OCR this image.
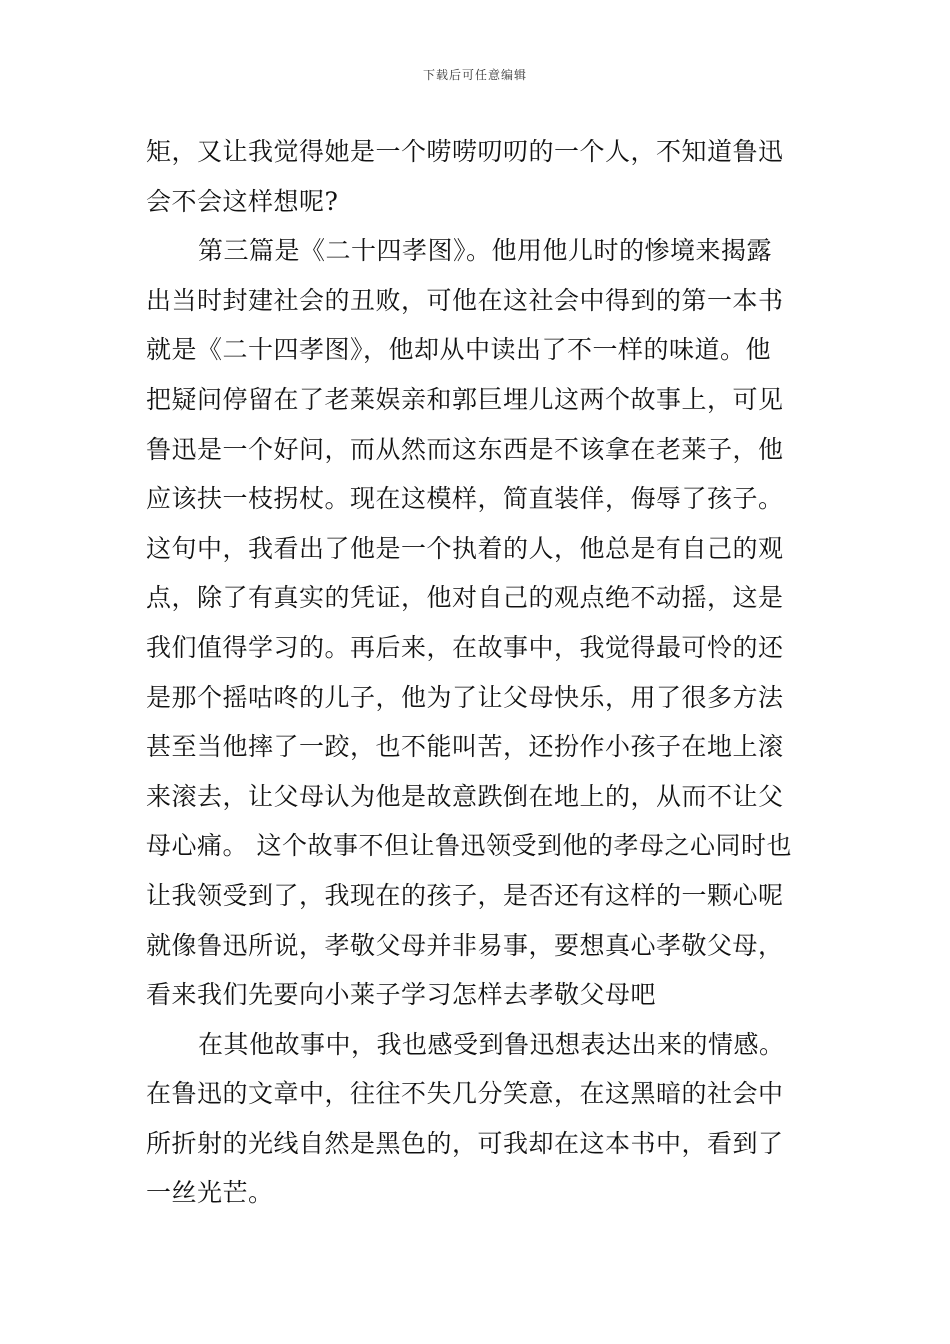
下载后可任意编辑
矩，又让我觉得她是一个唠唠叨叨的一个人，不知道鲁迅
会不会这样想呢?
第三篇是《二十四孝图》。他用他儿时的惨境来揭露
出当时封建社会的丑败，可他在这社会中得到的第一本书
就是《二十四孝图》，他却从中读出了不一样的味道。他
把疑问停留在了老莱娱亲和郭巨埋儿这两个故事上，可见
鲁迅是一个好问，而从然而这东西是不该拿在老莱子，他
应该扶一枝拐杖。现在这模样，简直装佯，侮辱了孩子。
这句中，我看出了他是一个执着的人，他总是有自己的观
点，除了有真实的凭证，他对自己的观点绝不动摇，这是
我们值得学习的。再后来，在故事中，我觉得最可怜的还
是那个摇咕咚的儿子，他为了让父母快乐，用了很多方法
甚至当他摔了一跤，也不能叫苦，还扮作小孩子在地上滚
来滚去，让父母认为他是故意跌倒在地上的，从而不让父
母心痛。 这个故事不但让鲁迅领受到他的孝母之心同时也
让我领受到了，我现在的孩子，是否还有这样的一颗心呢
就像鲁迅所说，孝敬父母并非易事，要想真心孝敬父母，
看来我们先要向小莱子学习怎样去孝敬父母吧
在其他故事中，我也感受到鲁迅想表达出来的情感。
在鲁迅的文章中，往往不失几分笑意，在这黑暗的社会中
所折射的光线自然是黑色的，可我却在这本书中，看到了
一丝光芒。
